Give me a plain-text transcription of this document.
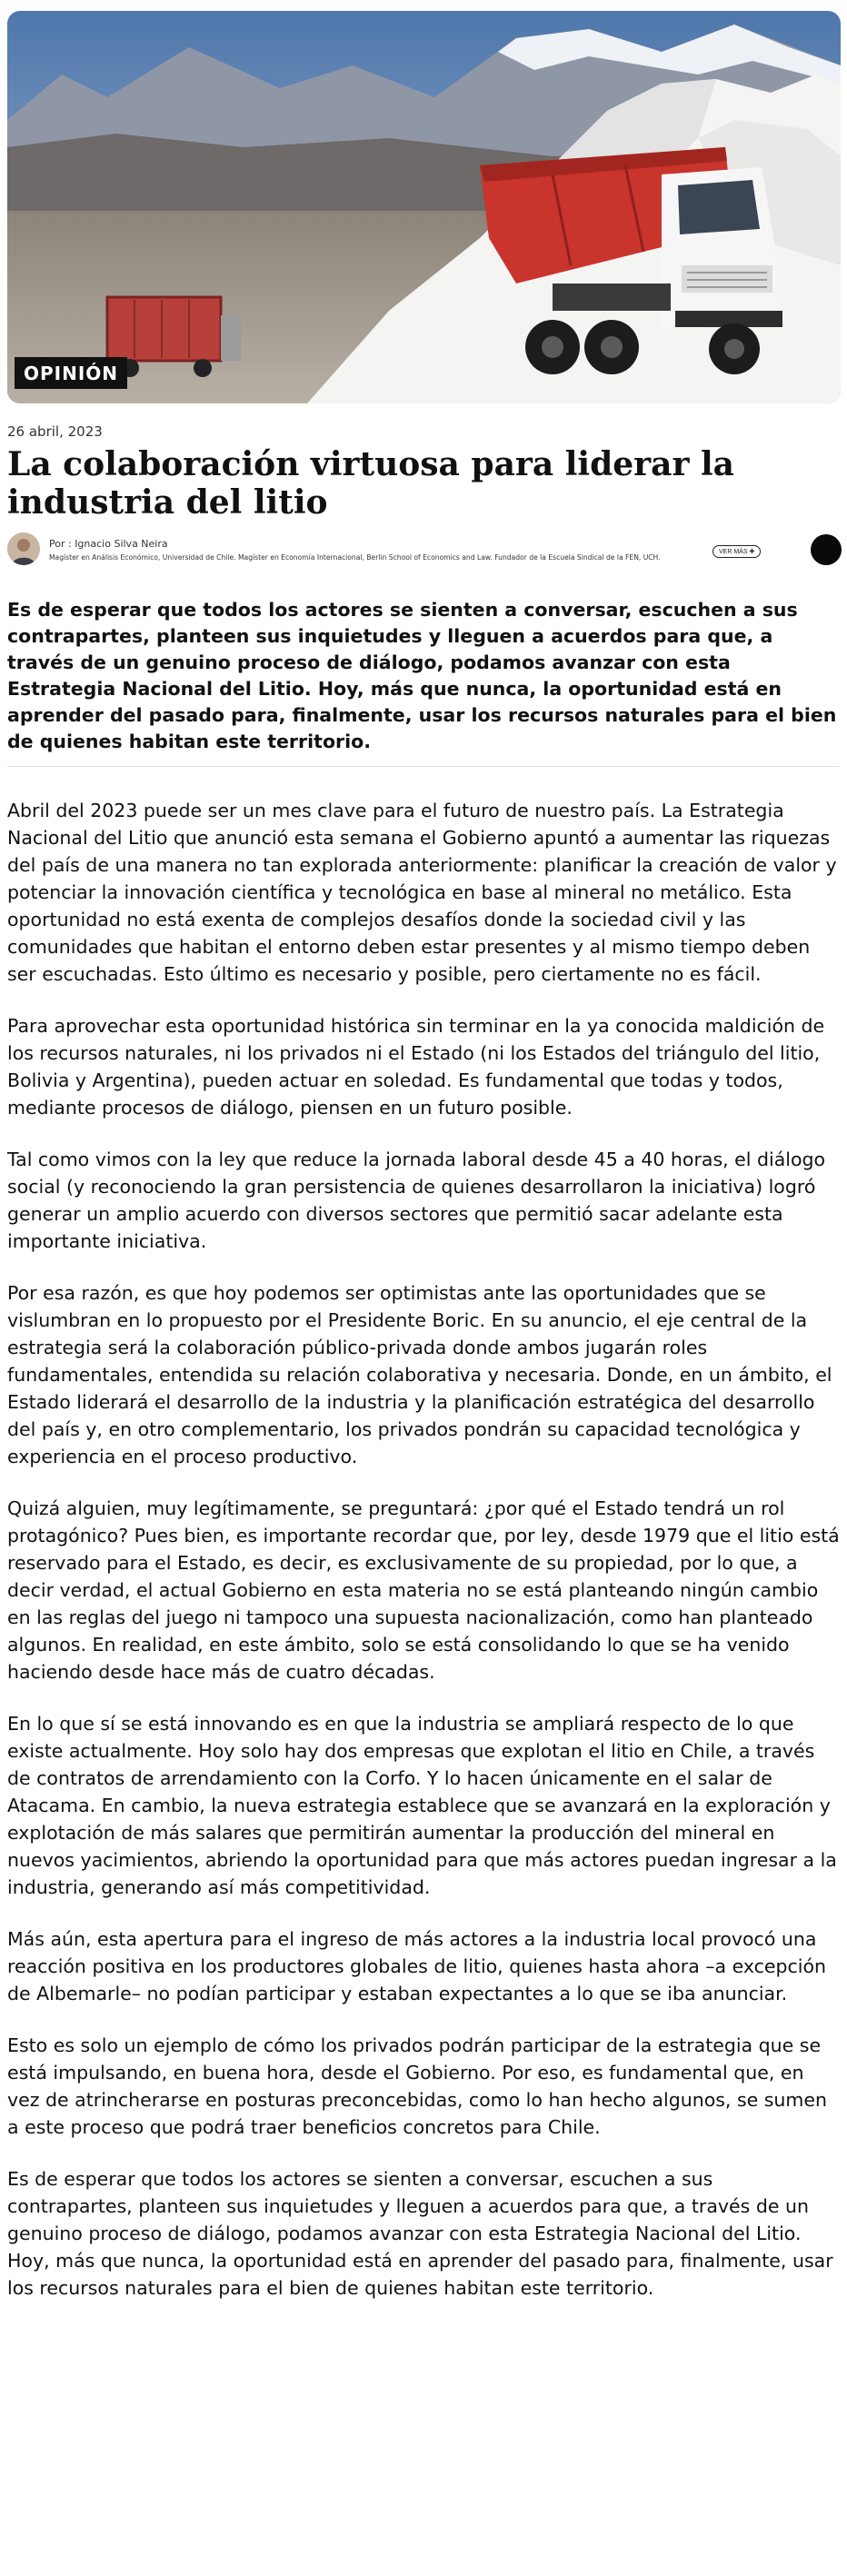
OPINIÓN
26 abril, 2023
La colaboración virtuosa para liderar la industria del litio
Por : Ignacio Silva Neira
Magíster en Análisis Económico, Universidad de Chile. Magíster en Economía Internacional, Berlin School of Economics and Law. Fundador de la Escuela Sindical de la FEN, UCH.
VER MÁS ✚

Es de esperar que todos los actores se sienten a conversar, escuchen a sus contrapartes, planteen sus inquietudes y lleguen a acuerdos para que, a través de un genuino proceso de diálogo, podamos avanzar con esta Estrategia Nacional del Litio. Hoy, más que nunca, la oportunidad está en aprender del pasado para, finalmente, usar los recursos naturales para el bien de quienes habitan este territorio.

Abril del 2023 puede ser un mes clave para el futuro de nuestro país. La Estrategia Nacional del Litio que anunció esta semana el Gobierno apuntó a aumentar las riquezas del país de una manera no tan explorada anteriormente: planificar la creación de valor y potenciar la innovación científica y tecnológica en base al mineral no metálico. Esta oportunidad no está exenta de complejos desafíos donde la sociedad civil y las comunidades que habitan el entorno deben estar presentes y al mismo tiempo deben ser escuchadas. Esto último es necesario y posible, pero ciertamente no es fácil.

Para aprovechar esta oportunidad histórica sin terminar en la ya conocida maldición de los recursos naturales, ni los privados ni el Estado (ni los Estados del triángulo del litio, Bolivia y Argentina), pueden actuar en soledad. Es fundamental que todas y todos, mediante procesos de diálogo, piensen en un futuro posible.

Tal como vimos con la ley que reduce la jornada laboral desde 45 a 40 horas, el diálogo social (y reconociendo la gran persistencia de quienes desarrollaron la iniciativa) logró generar un amplio acuerdo con diversos sectores que permitió sacar adelante esta importante iniciativa.

Por esa razón, es que hoy podemos ser optimistas ante las oportunidades que se vislumbran en lo propuesto por el Presidente Boric. En su anuncio, el eje central de la estrategia será la colaboración público-privada donde ambos jugarán roles fundamentales, entendida su relación colaborativa y necesaria. Donde, en un ámbito, el Estado liderará el desarrollo de la industria y la planificación estratégica del desarrollo del país y, en otro complementario, los privados pondrán su capacidad tecnológica y experiencia en el proceso productivo.

Quizá alguien, muy legítimamente, se preguntará: ¿por qué el Estado tendrá un rol protagónico? Pues bien, es importante recordar que, por ley, desde 1979 que el litio está reservado para el Estado, es decir, es exclusivamente de su propiedad, por lo que, a decir verdad, el actual Gobierno en esta materia no se está planteando ningún cambio en las reglas del juego ni tampoco una supuesta nacionalización, como han planteado algunos. En realidad, en este ámbito, solo se está consolidando lo que se ha venido haciendo desde hace más de cuatro décadas.

En lo que sí se está innovando es en que la industria se ampliará respecto de lo que existe actualmente. Hoy solo hay dos empresas que explotan el litio en Chile, a través de contratos de arrendamiento con la Corfo. Y lo hacen únicamente en el salar de Atacama. En cambio, la nueva estrategia establece que se avanzará en la exploración y explotación de más salares que permitirán aumentar la producción del mineral en nuevos yacimientos, abriendo la oportunidad para que más actores puedan ingresar a la industria, generando así más competitividad.

Más aún, esta apertura para el ingreso de más actores a la industria local provocó una reacción positiva en los productores globales de litio, quienes hasta ahora –a excepción de Albemarle– no podían participar y estaban expectantes a lo que se iba anunciar.

Esto es solo un ejemplo de cómo los privados podrán participar de la estrategia que se está impulsando, en buena hora, desde el Gobierno. Por eso, es fundamental que, en vez de atrincherarse en posturas preconcebidas, como lo han hecho algunos, se sumen a este proceso que podrá traer beneficios concretos para Chile.

Es de esperar que todos los actores se sienten a conversar, escuchen a sus contrapartes, planteen sus inquietudes y lleguen a acuerdos para que, a través de un genuino proceso de diálogo, podamos avanzar con esta Estrategia Nacional del Litio. Hoy, más que nunca, la oportunidad está en aprender del pasado para, finalmente, usar los recursos naturales para el bien de quienes habitan este territorio.
